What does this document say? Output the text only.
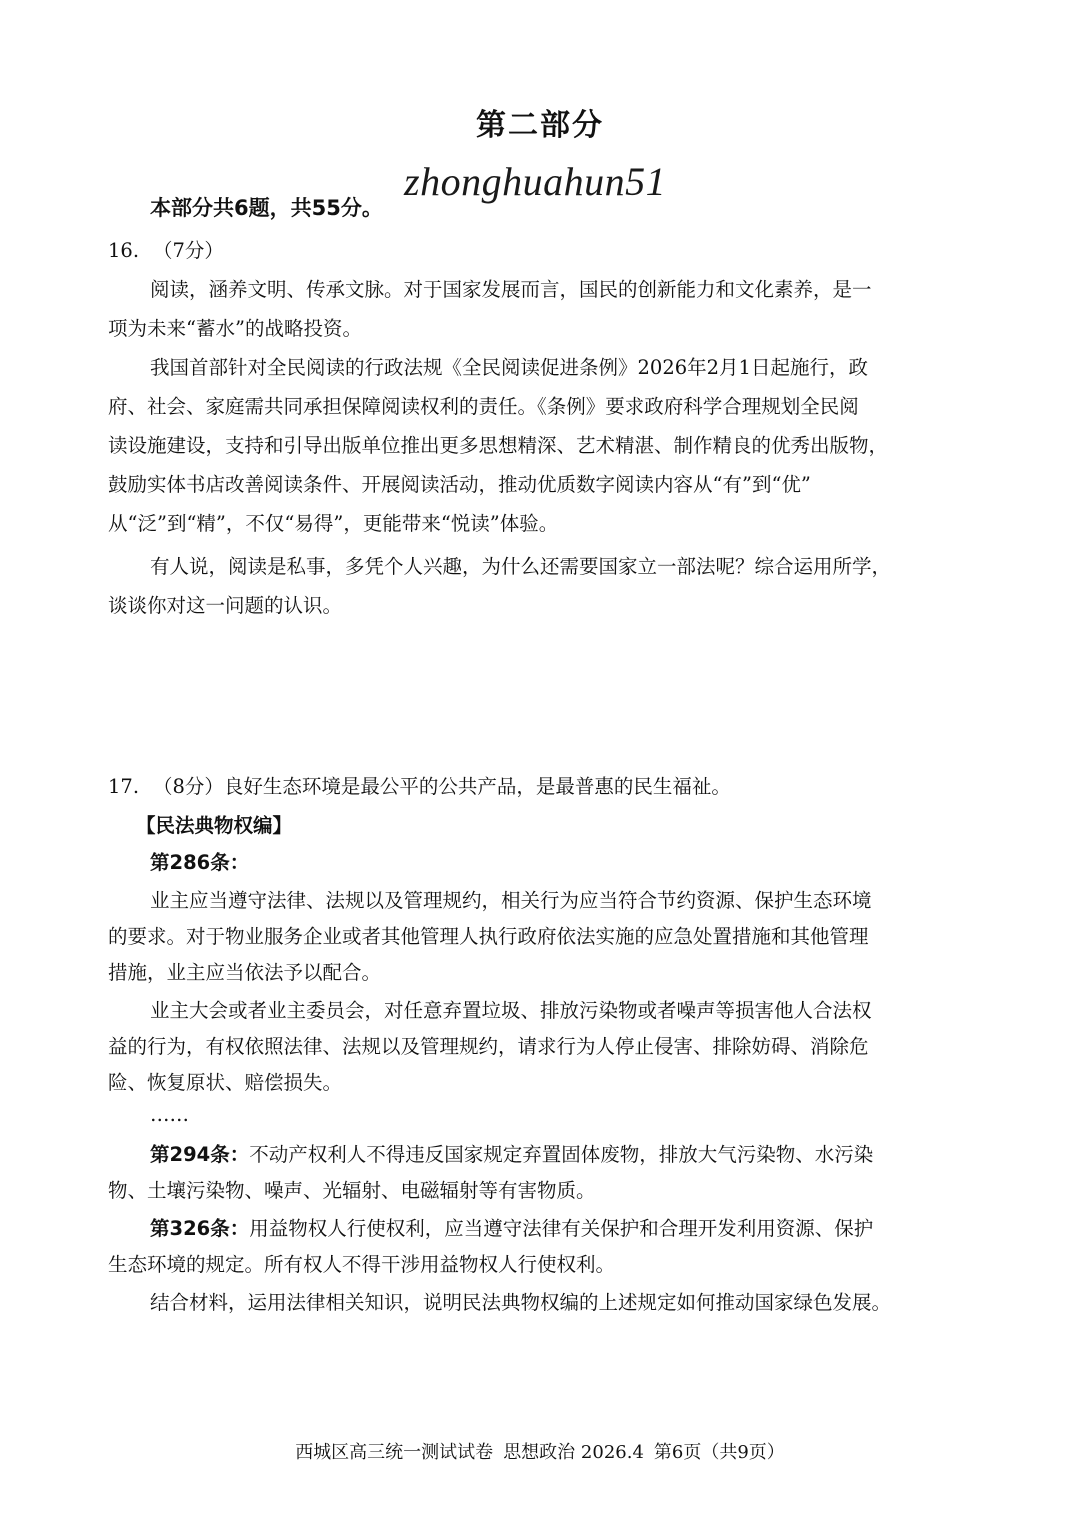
第二部分
zhonghuahun51
本部分共6题，共55分。
16. （7分）
阅读，涵养文明、传承文脉。对于国家发展而言，国民的创新能力和文化素养，是一
项为未来“蓄水”的战略投资。
我国首部针对全民阅读的行政法规《全民阅读促进条例》2026年2月1日起施行，政
府、社会、家庭需共同承担保障阅读权利的责任。《条例》要求政府科学合理规划全民阅
读设施建设，支持和引导出版单位推出更多思想精深、艺术精湛、制作精良的优秀出版物，
鼓励实体书店改善阅读条件、开展阅读活动，推动优质数字阅读内容从“有”到“优”
从“泛”到“精”，不仅“易得”，更能带来“悦读”体验。
有人说，阅读是私事，多凭个人兴趣，为什么还需要国家立一部法呢？综合运用所学，
谈谈你对这一问题的认识。
17. （8分）良好生态环境是最公平的公共产品，是最普惠的民生福祉。
【民法典物权编】
第286条：
业主应当遵守法律、法规以及管理规约，相关行为应当符合节约资源、保护生态环境
的要求。对于物业服务企业或者其他管理人执行政府依法实施的应急处置措施和其他管理
措施，业主应当依法予以配合。
业主大会或者业主委员会，对任意弃置垃圾、排放污染物或者噪声等损害他人合法权
益的行为，有权依照法律、法规以及管理规约，请求行为人停止侵害、排除妨碍、消除危
险、恢复原状、赔偿损失。
……
第294条：不动产权利人不得违反国家规定弃置固体废物，排放大气污染物、水污染
物、土壤污染物、噪声、光辐射、电磁辐射等有害物质。
第326条：用益物权人行使权利，应当遵守法律有关保护和合理开发利用资源、保护
生态环境的规定。所有权人不得干涉用益物权人行使权利。
结合材料，运用法律相关知识，说明民法典物权编的上述规定如何推动国家绿色发展。
西城区高三统一测试试卷 思想政治 2026.4 第6页（共9页）
